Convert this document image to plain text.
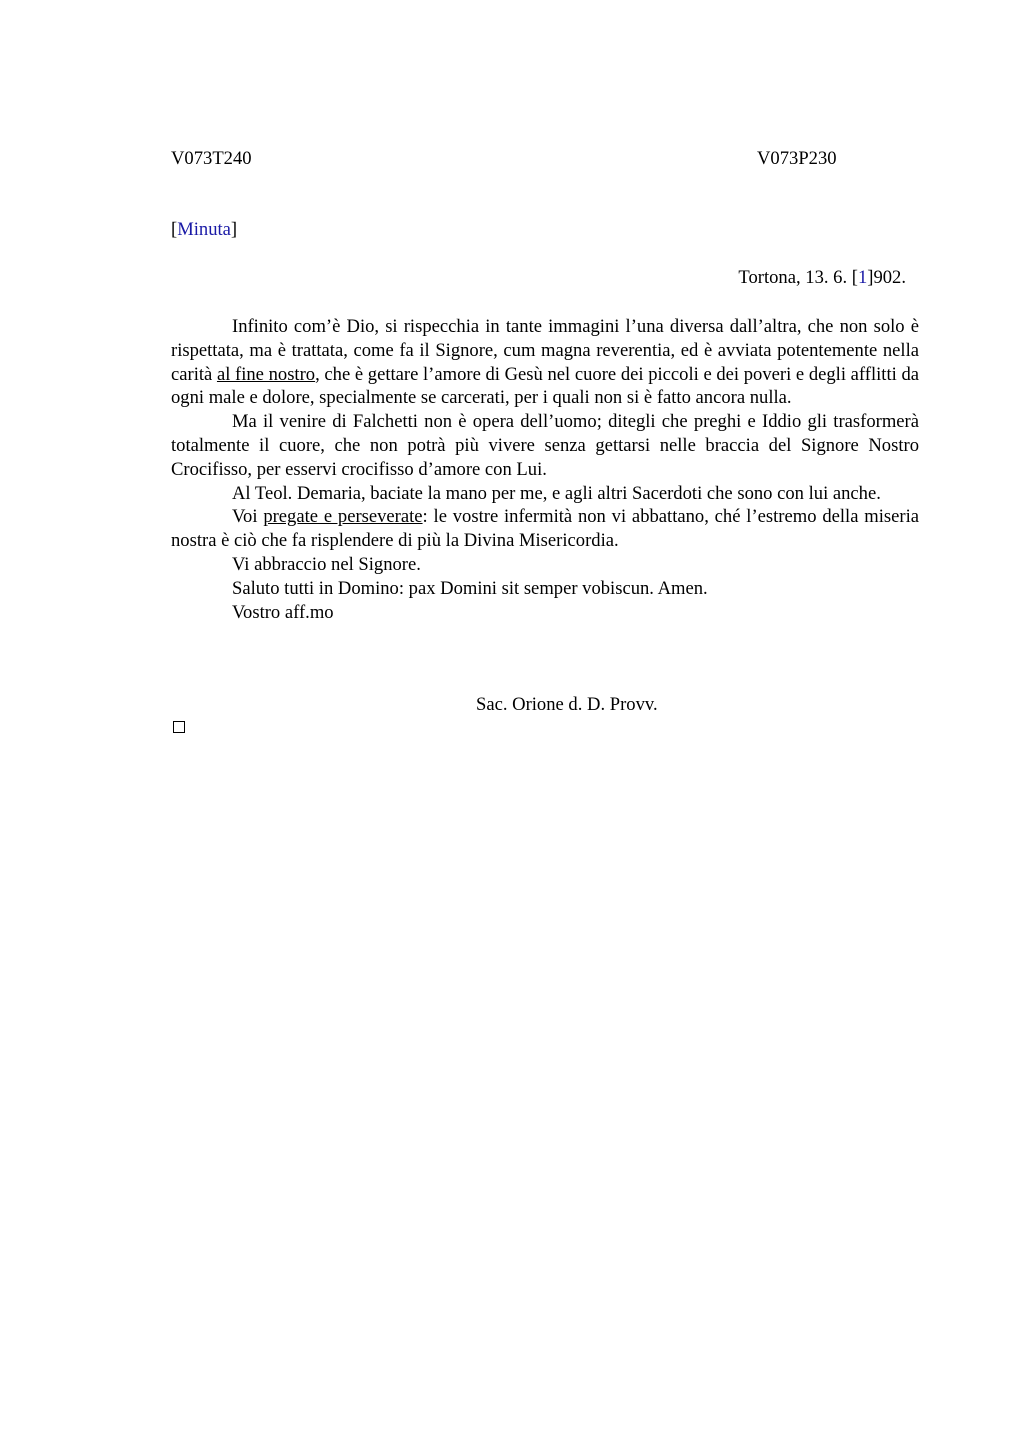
V073T240	V073P230
[Minuta]
Tortona, 13. 6. [1]902.

Infinito com’è Dio, si rispecchia in tante immagini l’una diversa dall’altra, che non solo è rispettata, ma è trattata, come fa il Signore, cum magna reverentia, ed è avviata potentemente nella carità al fine nostro, che è gettare l’amore di Gesù nel cuore dei piccoli e dei poveri e degli afflitti da ogni male e dolore, specialmente se carcerati, per i quali non si è fatto ancora nulla.

Ma il venire di Falchetti non è opera dell’uomo; ditegli che preghi e Iddio gli trasformerà totalmente il cuore, che non potrà più vivere senza gettarsi nelle braccia del Signore Nostro Crocifisso, per esservi crocifisso d’amore con Lui.

Al Teol. Demaria, baciate la mano per me, e agli altri Sacerdoti che sono con lui anche.

Voi pregate e perseverate: le vostre infermità non vi abbattano, ché l’estremo della miseria nostra è ciò che fa risplendere di più la Divina Misericordia.

Vi abbraccio nel Signore.

Saluto tutti in Domino: pax Domini sit semper vobiscun. Amen.

Vostro aff.mo

Sac. Orione d. D. Provv.
